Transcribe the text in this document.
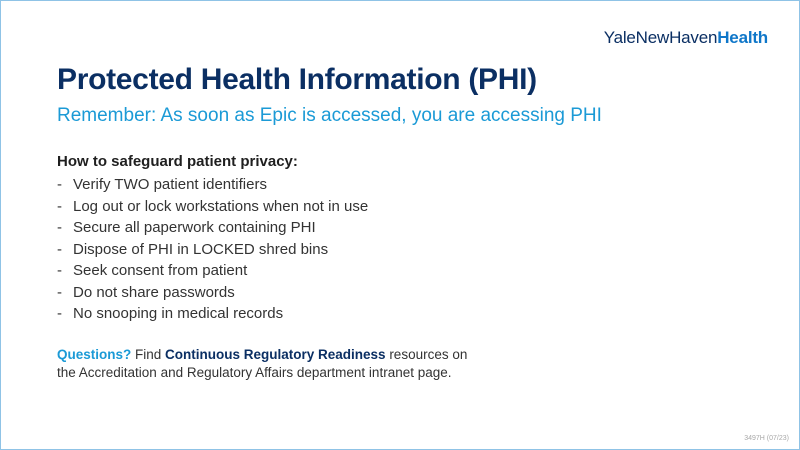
YaleNewHavenHealth
Protected Health Information (PHI)

Remember: As soon as Epic is accessed, you are accessing PHI

How to safeguard patient privacy:

- Verify TWO patient identifiers
- Log out or lock workstations when not in use
- Secure all paperwork containing PHI
- Dispose of PHI in LOCKED shred bins
- Seek consent from patient
- Do not share passwords
- No snooping in medical records
Questions? Find Continuous Regulatory Readiness resources on
the Accreditation and Regulatory Affairs department intranet page.
3497H (07/23)
